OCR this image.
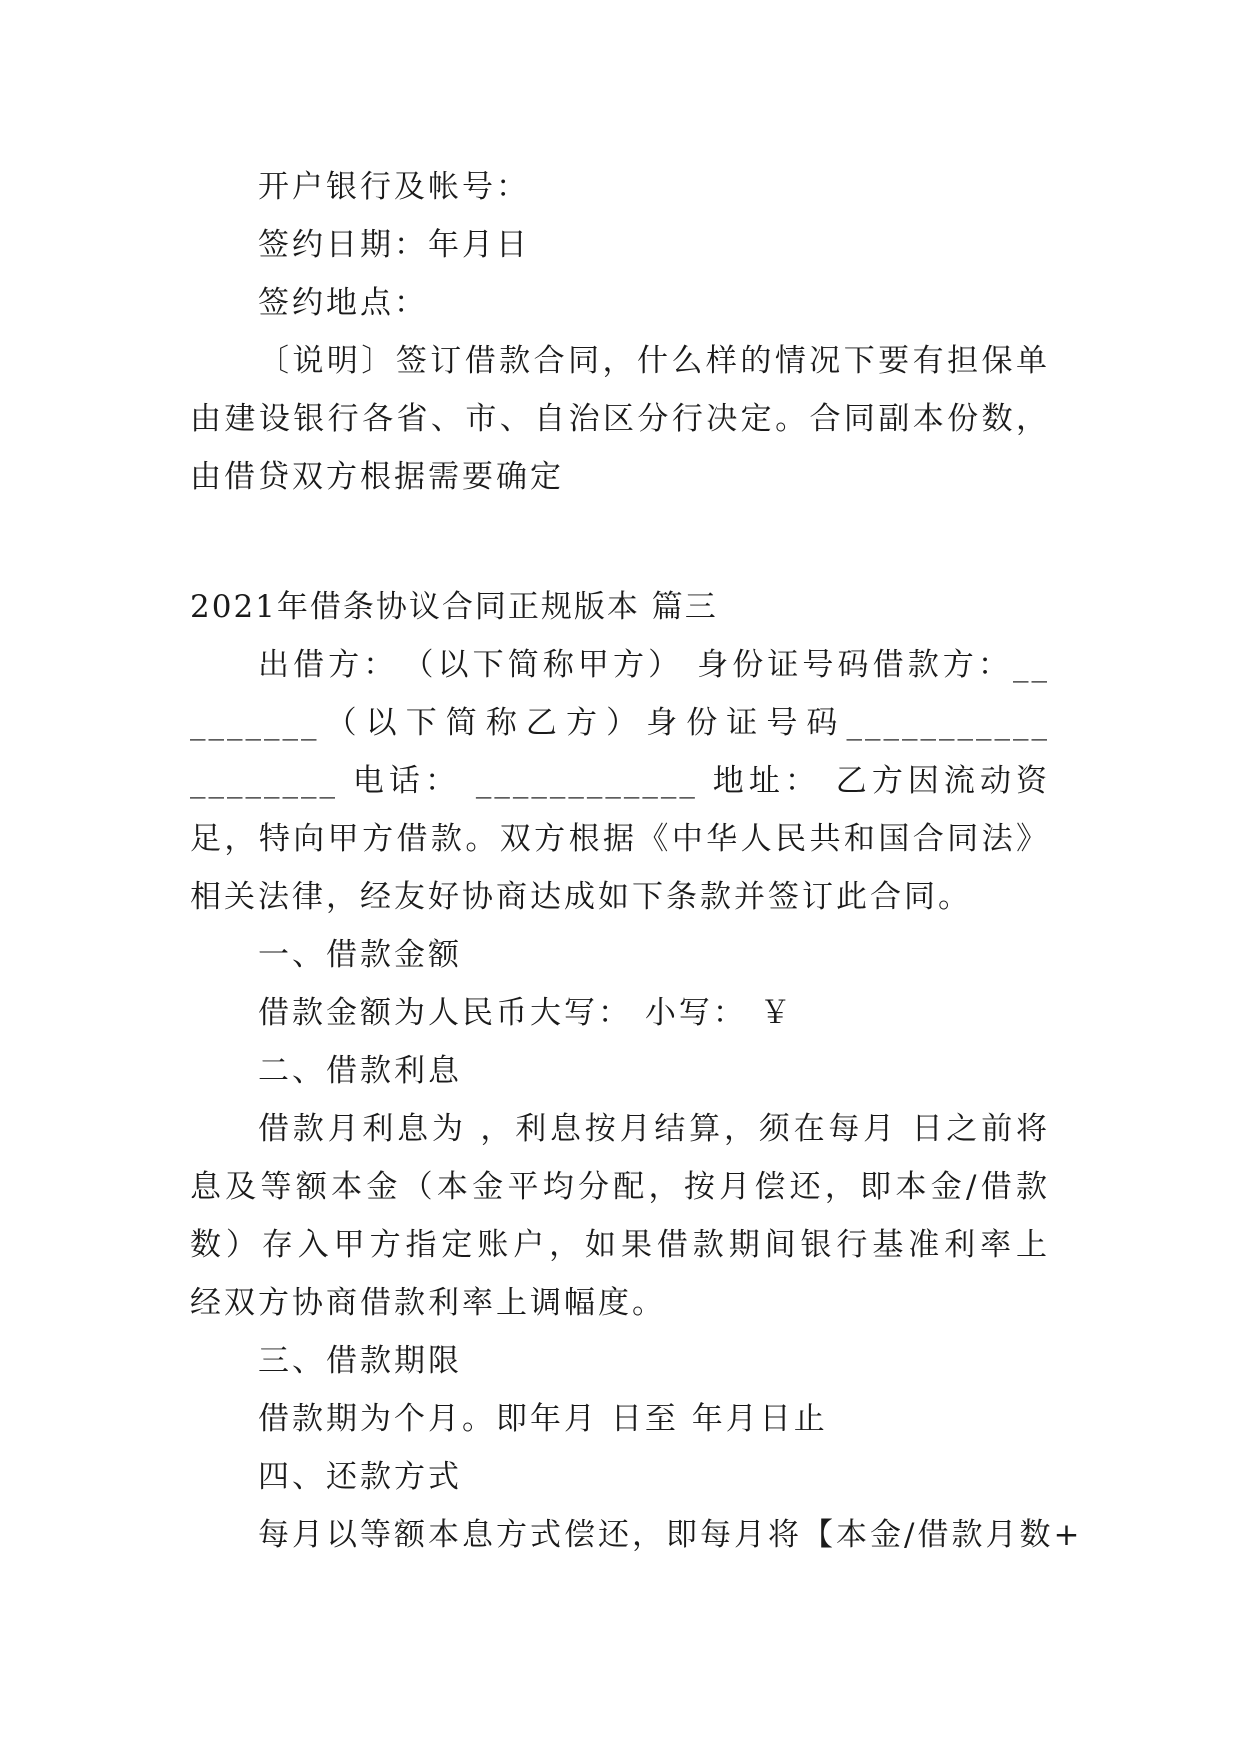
开户银行及帐号：

签约日期：年月日

签约地点：

〔说明〕签订借款合同，什么样的情况下要有担保单

由建设银行各省、市、自治区分行决定。合同副本份数，

由借贷双方根据需要确定

2021年借条协议合同正规版本 篇三

出借方：　（以下简称甲方） 身份证号码借款方：__

_______（以下简称乙方）身份证号码___________

________ 电话： ____________ 地址： 乙方因流动资

足，特向甲方借款。双方根据《中华人民共和国合同法》

相关法律，经友好协商达成如下条款并签订此合同。

一、借款金额

借款金额为人民币大写： 小写： ￥

二、借款利息

借款月利息为 ，利息按月结算，须在每月 日之前将

息及等额本金（本金平均分配，按月偿还，即本金/借款

数）存入甲方指定账户，如果借款期间银行基准利率上

经双方协商借款利率上调幅度。

三、借款期限

借款期为个月。即年月 日至 年月日止

四、还款方式

每月以等额本息方式偿还，即每月将【本金/借款月数+
